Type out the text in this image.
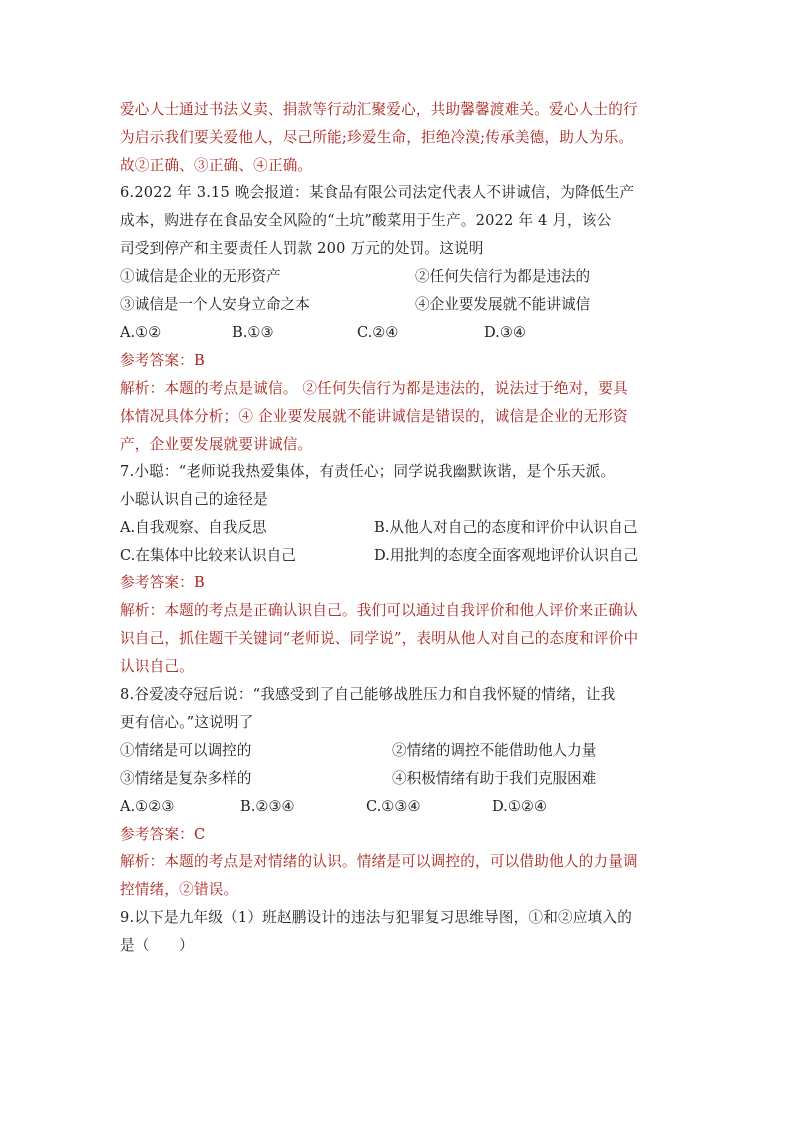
爱心人士通过书法义卖、捐款等行动汇聚爱心，共助馨馨渡难关。爱心人士的行
为启示我们要关爱他人，尽己所能;珍爱生命，拒绝冷漠;传承美德，助人为乐。
故②正确、③正确、④正确。
6.2022 年 3.15 晚会报道：某食品有限公司法定代表人不讲诚信，为降低生产
成本，购进存在食品安全风险的“土坑”酸菜用于生产。2022 年 4 月，该公
司受到停产和主要责任人罚款 200 万元的处罚。这说明
①诚信是企业的无形资产	②任何失信行为都是违法的
③诚信是一个人安身立命之本	④企业要发展就不能讲诚信
A.①②	B.①③	C.②④	D.③④
参考答案：B
解析：本题的考点是诚信。 ②任何失信行为都是违法的，说法过于绝对，要具
体情况具体分析；④ 企业要发展就不能讲诚信是错误的，诚信是企业的无形资
产，企业要发展就要讲诚信。
7.小聪：“老师说我热爱集体，有责任心；同学说我幽默诙谐，是个乐天派。
小聪认识自己的途径是
A.自我观察、自我反思	B.从他人对自己的态度和评价中认识自己
C.在集体中比较来认识自己	D.用批判的态度全面客观地评价认识自己
参考答案：B
解析：本题的考点是正确认识自己。我们可以通过自我评价和他人评价来正确认
识自己，抓住题干关键词“老师说、同学说”，表明从他人对自己的态度和评价中
认识自己。
8.谷爱凌夺冠后说：“我感受到了自己能够战胜压力和自我怀疑的情绪，让我
更有信心。”这说明了
①情绪是可以调控的	②情绪的调控不能借助他人力量
③情绪是复杂多样的	④积极情绪有助于我们克服困难
A.①②③	B.②③④	C.①③④	D.①②④
参考答案：C
解析：本题的考点是对情绪的认识。情绪是可以调控的，可以借助他人的力量调
控情绪，②错误。
9.以下是九年级（1）班赵鹏设计的违法与犯罪复习思维导图，①和②应填入的
是（　　）
